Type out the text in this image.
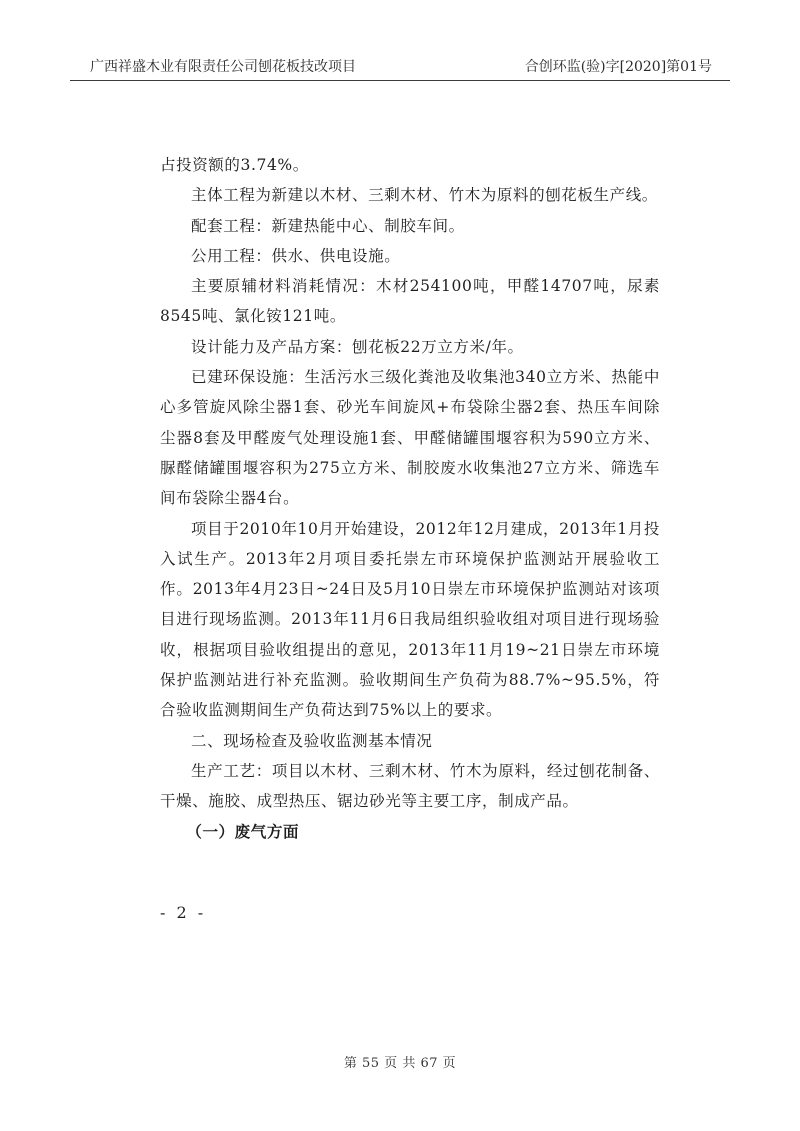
广西祥盛木业有限责任公司刨花板技改项目	合创环监(验)字[2020]第01号

占投资额的3.74%。

主体工程为新建以木材、三剩木材、竹木为原料的刨花板生产线。

配套工程：新建热能中心、制胶车间。

公用工程：供水、供电设施。

主要原辅材料消耗情况：木材254100吨，甲醛14707吨，尿素8545吨、氯化铵121吨。

设计能力及产品方案：刨花板22万立方米/年。

已建环保设施：生活污水三级化粪池及收集池340立方米、热能中心多管旋风除尘器1套、砂光车间旋风+布袋除尘器2套、热压车间除尘器8套及甲醛废气处理设施1套、甲醛储罐围堰容积为590立方米、脲醛储罐围堰容积为275立方米、制胶废水收集池27立方米、筛选车间布袋除尘器4台。

项目于2010年10月开始建设，2012年12月建成，2013年1月投入试生产。2013年2月项目委托崇左市环境保护监测站开展验收工作。2013年4月23日~24日及5月10日崇左市环境保护监测站对该项目进行现场监测。2013年11月6日我局组织验收组对项目进行现场验收，根据项目验收组提出的意见，2013年11月19~21日崇左市环境保护监测站进行补充监测。验收期间生产负荷为88.7%~95.5%，符合验收监测期间生产负荷达到75%以上的要求。

二、现场检查及验收监测基本情况

生产工艺：项目以木材、三剩木材、竹木为原料，经过刨花制备、干燥、施胶、成型热压、锯边砂光等主要工序，制成产品。

（一）废气方面

- 2 -
第 55 页 共 67 页
